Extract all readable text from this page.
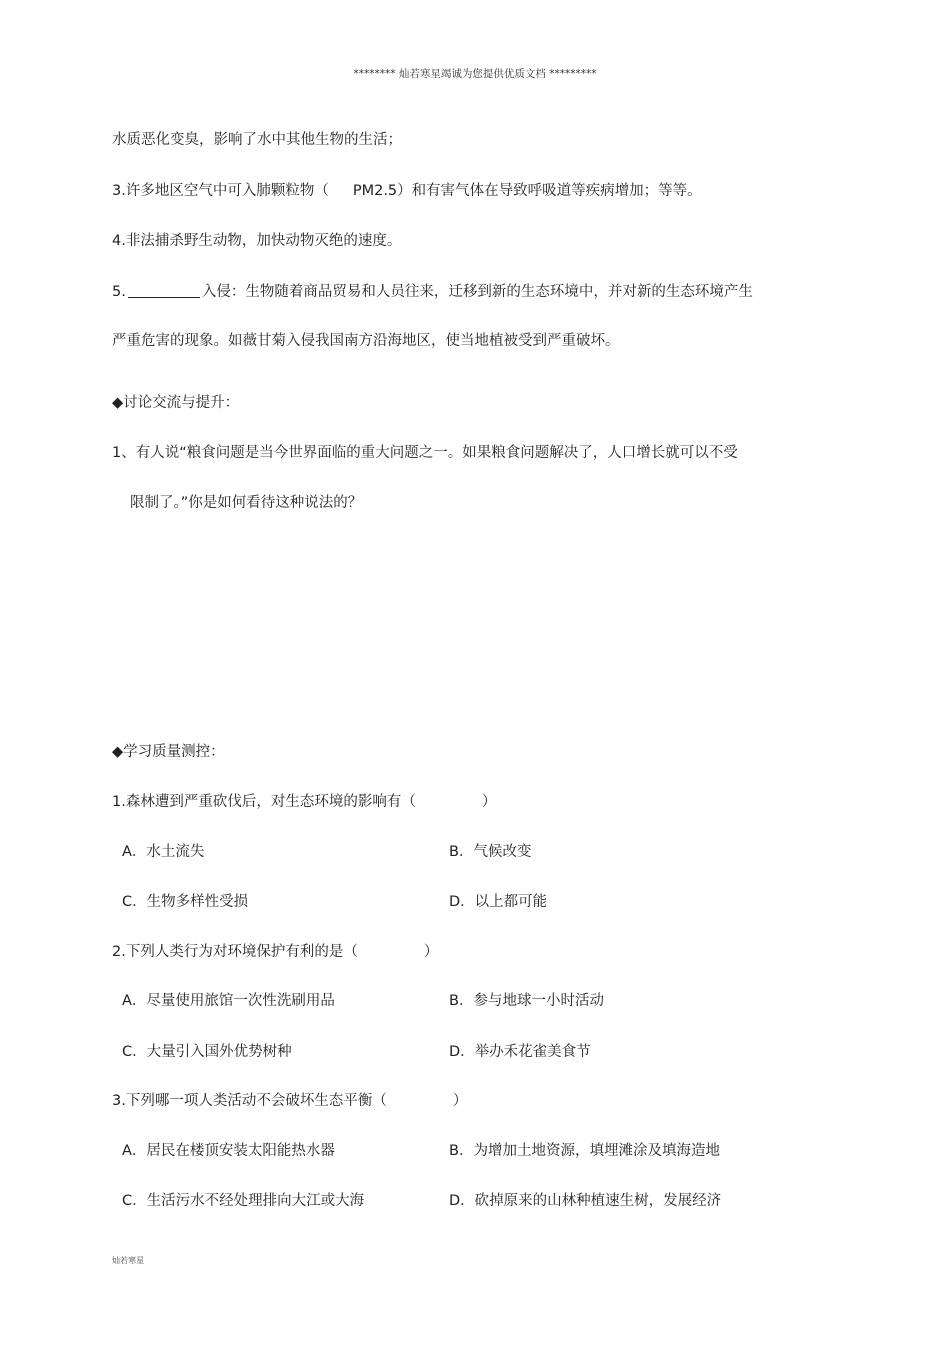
******** 灿若寒星竭诚为您提供优质文档 *********
水质恶化变臭，影响了水中其他生物的生活；
3.许多地区空气中可入肺颗粒物（ PM2.5）和有害气体在导致呼吸道等疾病增加；等等。
4.非法捕杀野生动物，加快动物灭绝的速度。
5.	入侵：生物随着商品贸易和人员往来，迁移到新的生态环境中，并对新的生态环境产生
严重危害的现象。如薇甘菊入侵我国南方沿海地区，使当地植被受到严重破坏。
◆讨论交流与提升：
1、有人说“粮食问题是当今世界面临的重大问题之一。如果粮食问题解决了，人口增长就可以不受
限制了。”你是如何看待这种说法的？
◆学习质量测控：
1.森林遭到严重砍伐后，对生态环境的影响有（	）
A．水土流失	B．气候改变
C．生物多样性受损	D．以上都可能
2.下列人类行为对环境保护有利的是（	）
A．尽量使用旅馆一次性洗刷用品	B．参与地球一小时活动
C．大量引入国外优势树种	D．举办禾花雀美食节
3.下列哪一项人类活动不会破坏生态平衡（	）
A．居民在楼顶安装太阳能热水器	B．为增加土地资源，填埋滩涂及填海造地
C．生活污水不经处理排向大江或大海	D．砍掉原来的山林种植速生树，发展经济
灿若寒星
